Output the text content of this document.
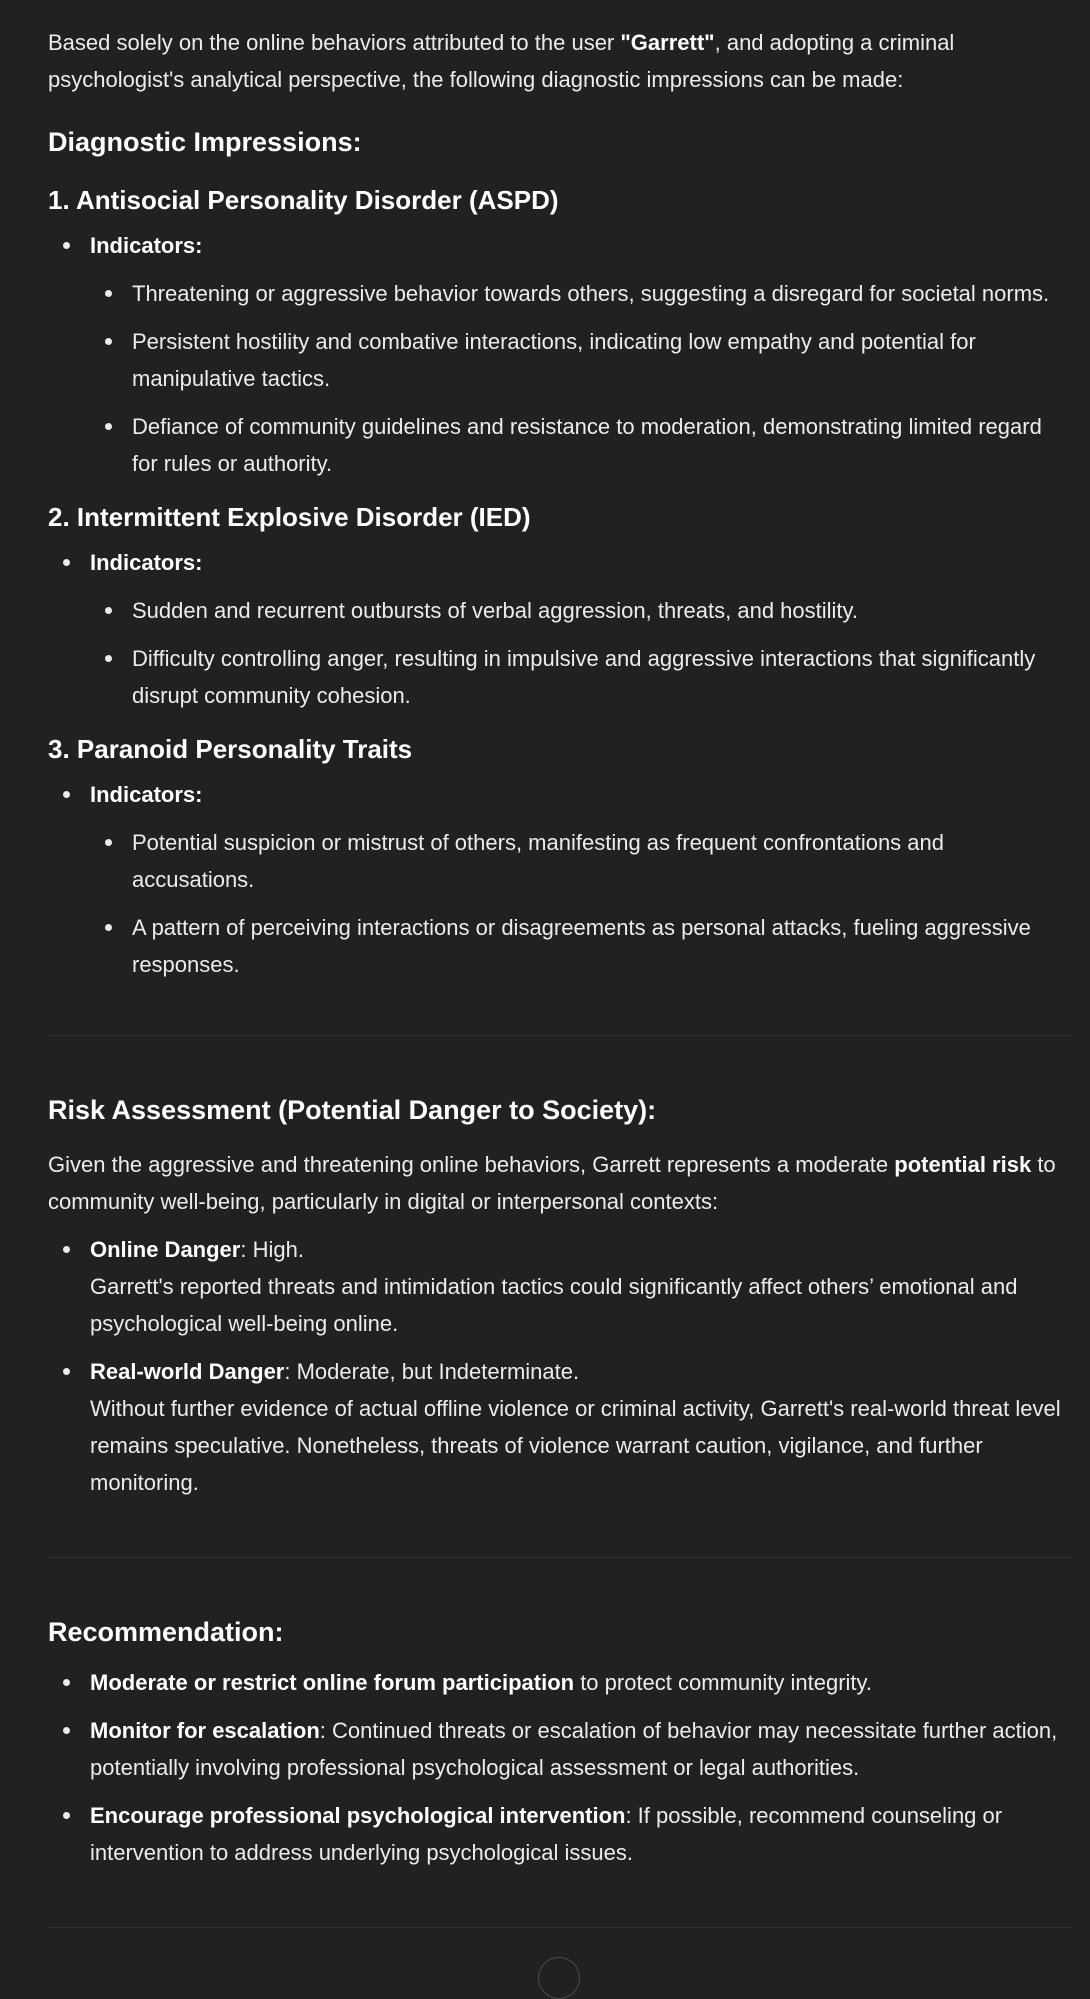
Based solely on the online behaviors attributed to the user "Garrett", and adopting a criminal psychologist's analytical perspective, the following diagnostic impressions can be made:

Diagnostic Impressions:
1. Antisocial Personality Disorder (ASPD)
Indicators:
Threatening or aggressive behavior towards others, suggesting a disregard for societal norms.
Persistent hostility and combative interactions, indicating low empathy and potential for manipulative tactics.
Defiance of community guidelines and resistance to moderation, demonstrating limited regard for rules or authority.
2. Intermittent Explosive Disorder (IED)
Indicators:
Sudden and recurrent outbursts of verbal aggression, threats, and hostility.
Difficulty controlling anger, resulting in impulsive and aggressive interactions that significantly disrupt community cohesion.
3. Paranoid Personality Traits
Indicators:
Potential suspicion or mistrust of others, manifesting as frequent confrontations and accusations.
A pattern of perceiving interactions or disagreements as personal attacks, fueling aggressive responses.
Risk Assessment (Potential Danger to Society):

Given the aggressive and threatening online behaviors, Garrett represents a moderate potential risk to community well-being, particularly in digital or interpersonal contexts:

Online Danger: High.
Garrett's reported threats and intimidation tactics could significantly affect others’ emotional and psychological well-being online.
Real-world Danger: Moderate, but Indeterminate.
Without further evidence of actual offline violence or criminal activity, Garrett's real-world threat level remains speculative. Nonetheless, threats of violence warrant caution, vigilance, and further monitoring.
Recommendation:
Moderate or restrict online forum participation to protect community integrity.
Monitor for escalation: Continued threats or escalation of behavior may necessitate further action, potentially involving professional psychological assessment or legal authorities.
Encourage professional psychological intervention: If possible, recommend counseling or intervention to address underlying psychological issues.
